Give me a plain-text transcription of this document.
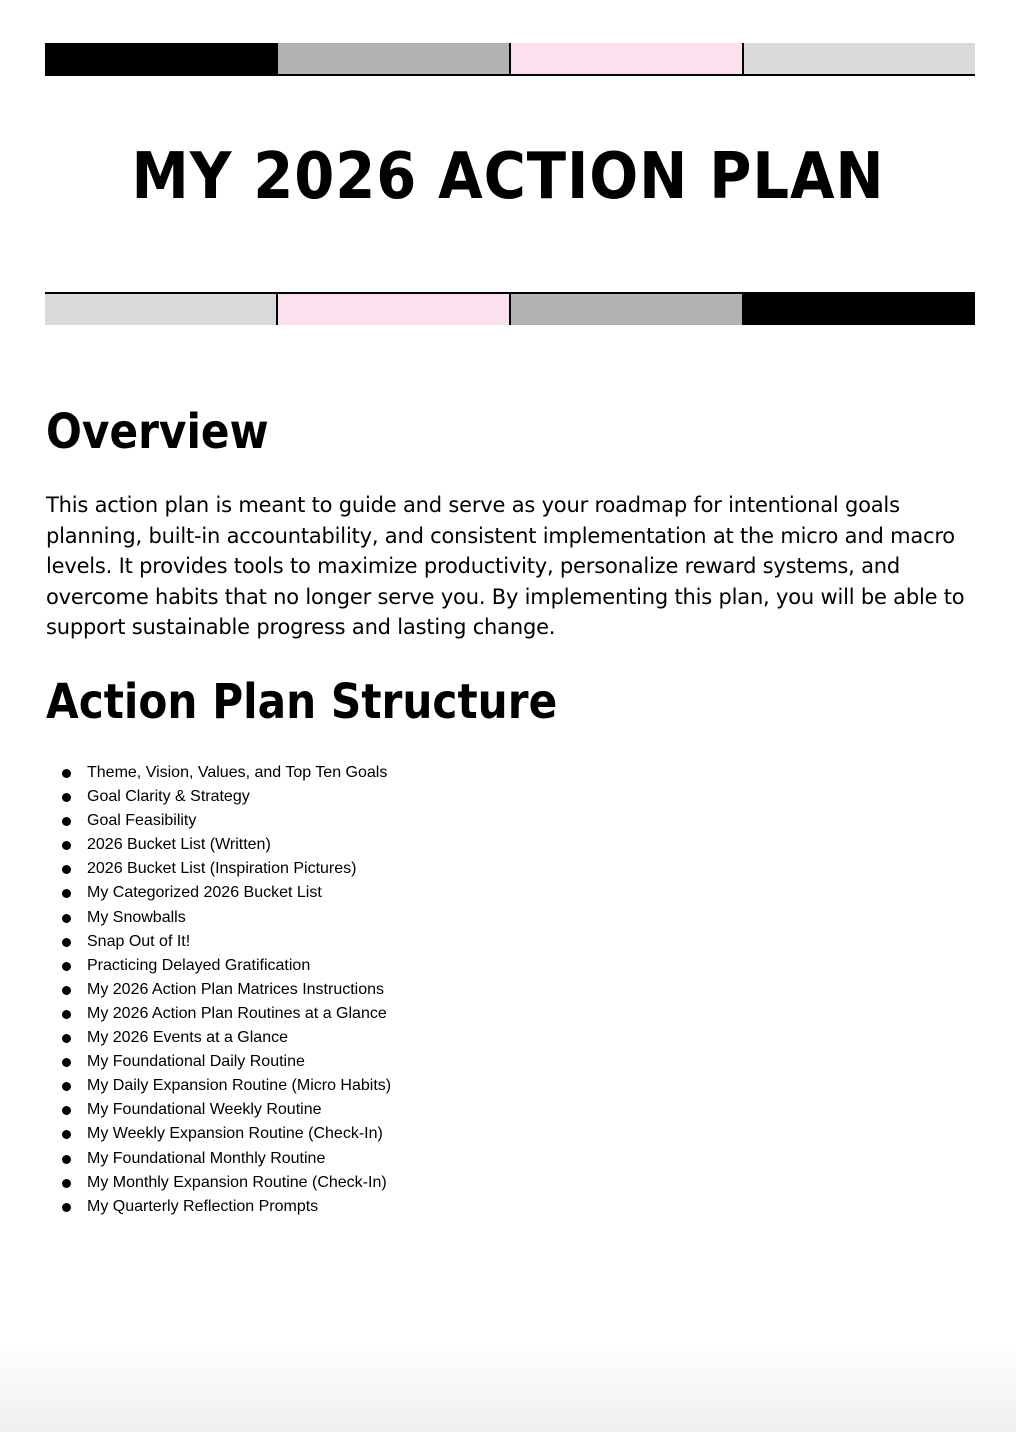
MY 2026 ACTION PLAN
Overview

This action plan is meant to guide and serve as your roadmap for intentional goals planning, built-in accountability, and consistent implementation at the micro and macro levels. It provides tools to maximize productivity, personalize reward systems, and overcome habits that no longer serve you. By implementing this plan, you will be able to support sustainable progress and lasting change.

Action Plan Structure
Theme, Vision, Values, and Top Ten Goals
Goal Clarity & Strategy
Goal Feasibility
2026 Bucket List (Written)
2026 Bucket List (Inspiration Pictures)
My Categorized 2026 Bucket List
My Snowballs
Snap Out of It!
Practicing Delayed Gratification
My 2026 Action Plan Matrices Instructions
My 2026 Action Plan Routines at a Glance
My 2026 Events at a Glance
My Foundational Daily Routine
My Daily Expansion Routine (Micro Habits)
My Foundational Weekly Routine
My Weekly Expansion Routine (Check-In)
My Foundational Monthly Routine
My Monthly Expansion Routine (Check-In)
My Quarterly Reflection Prompts
